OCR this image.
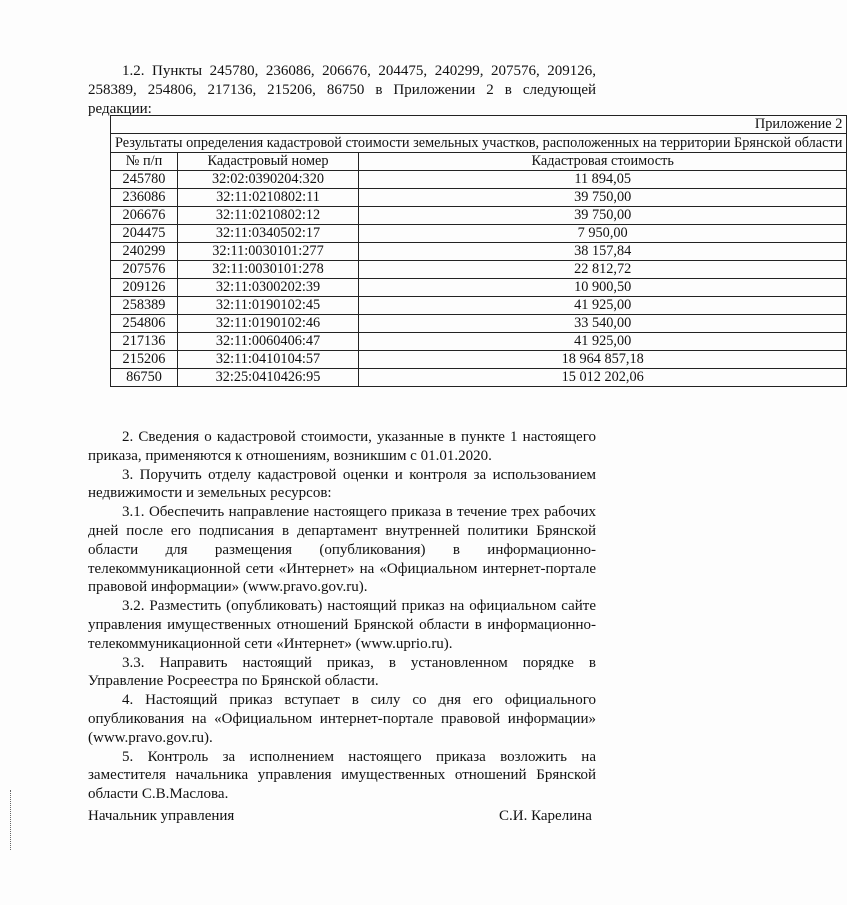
1.2. Пункты 245780, 236086, 206676, 204475, 240299, 207576, 209126, 258389, 254806, 217136, 215206, 86750 в Приложении 2 в следующей редакции:

Приложение 2		
Результаты определения кадастровой стоимости земельных участков, расположенных на территории Брянской области		
№ п/п	Кадастровый номер	Кадастровая стоимость
245780	32:02:0390204:320	11 894,05
236086	32:11:0210802:11	39 750,00
206676	32:11:0210802:12	39 750,00
204475	32:11:0340502:17	7 950,00
240299	32:11:0030101:277	38 157,84
207576	32:11:0030101:278	22 812,72
209126	32:11:0300202:39	10 900,50
258389	32:11:0190102:45	41 925,00
254806	32:11:0190102:46	33 540,00
217136	32:11:0060406:47	41 925,00
215206	32:11:0410104:57	18 964 857,18
86750	32:25:0410426:95	15 012 202,06

2. Сведения о кадастровой стоимости, указанные в пункте 1 настоящего приказа, применяются к отношениям, возникшим с 01.01.2020.

3. Поручить отделу кадастровой оценки и контроля за использованием недвижимости и земельных ресурсов:

3.1. Обеспечить направление настоящего приказа в течение трех рабочих дней после его подписания в департамент внутренней политики Брянской области для размещения (опубликования) в информационно-телекоммуникационной сети «Интернет» на «Официальном интернет-портале правовой информации» (www.pravo.gov.ru).

3.2. Разместить (опубликовать) настоящий приказ на официальном сайте управления имущественных отношений Брянской области в информационно-телекоммуникационной сети «Интернет» (www.uprio.ru).

3.3. Направить настоящий приказ, в установленном порядке в Управление Росреестра по Брянской области.

4. Настоящий приказ вступает в силу со дня его официального опубликования на «Официальном интернет-портале правовой информации» (www.pravo.gov.ru).

5. Контроль за исполнением настоящего приказа возложить на заместителя начальника управления имущественных отношений Брянской области С.В.Маслова.

Начальник управления	С.И. Карелина
